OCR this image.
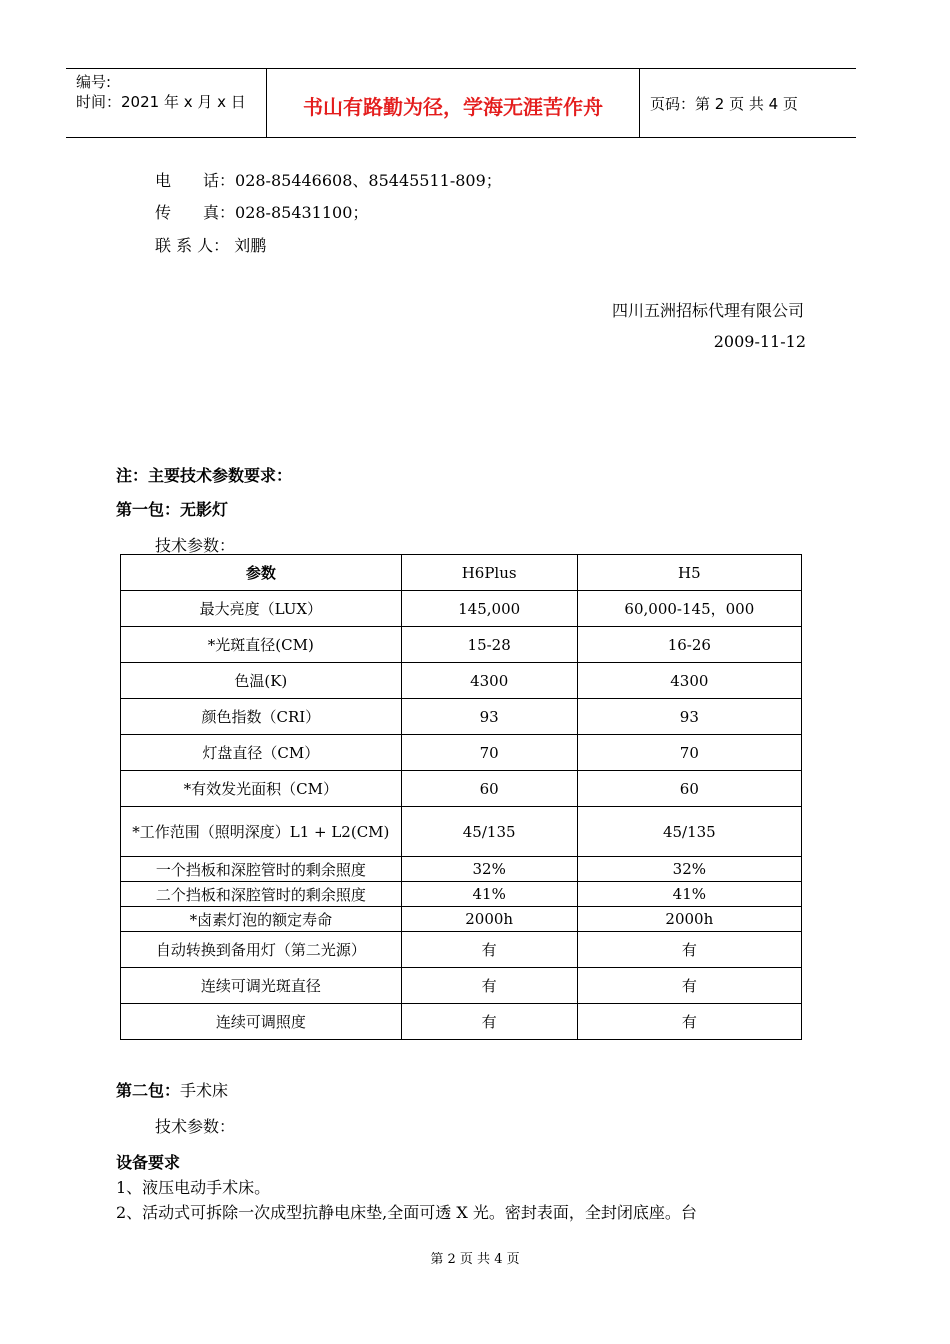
编号:
时间：2021 年 x 月 x 日	书山有路勤为径，学海无涯苦作舟	页码：第 2 页 共 4 页
电　　话：028-85446608、85445511-809；
传　　真：028-85431100；
联 系 人： 刘鹏
四川五洲招标代理有限公司
2009-11-12
注：主要技术参数要求：
第一包：无影灯
技术参数：
参数	H6Plus	H5
最大亮度（LUX）	145,000	60,000-145，000
*光斑直径(CM)	15-28	16-26
色温(K)	4300	4300
颜色指数（CRI）	93	93
灯盘直径（CM）	70	70
*有效发光面积（CM）	60	60
*工作范围（照明深度）L1 + L2(CM)	45/135	45/135
一个挡板和深腔管时的剩余照度	32%	32%
二个挡板和深腔管时的剩余照度	41%	41%
*卤素灯泡的额定寿命	2000h	2000h
自动转换到备用灯（第二光源）	有	有
连续可调光斑直径	有	有
连续可调照度	有	有
第二包：手术床
技术参数：
设备要求
1、液压电动手术床。
2、活动式可拆除一次成型抗静电床垫,全面可透 X 光。密封表面，全封闭底座。台
第 2 页 共 4 页
